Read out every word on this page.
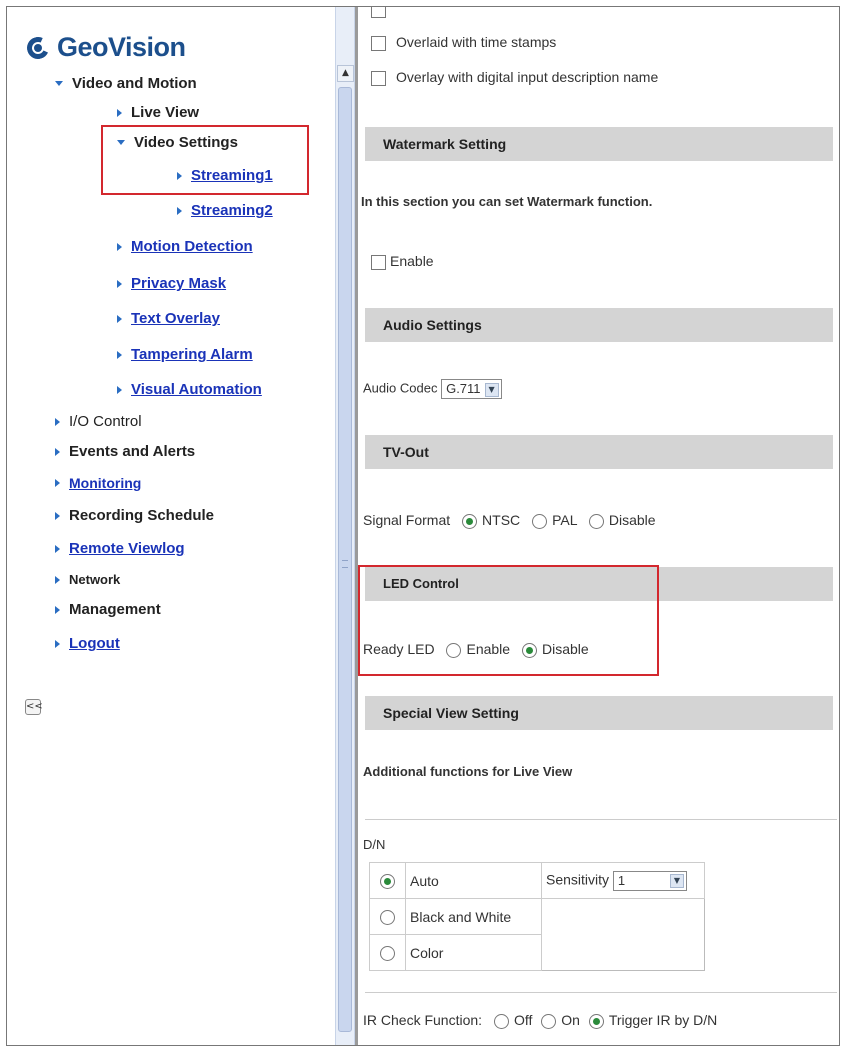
GeoVision
Video and Motion
Live View
Video Settings
Streaming1
Streaming2
Motion Detection
Privacy Mask
Text Overlay
Tampering Alarm
Visual Automation
I/O Control
Events and Alerts
Monitoring
Recording Schedule
Remote Viewlog
Network
Management
Logout
<<
▲
Overlaid with time stamps
Overlay with digital input description name
Watermark Setting
In this section you can set Watermark function.
Enable
Audio Settings
Audio Codec G.711 ▼
TV-Out
Signal Format NTSC PAL Disable
LED Control
Ready LED Enable Disable
Special View Setting
Additional functions for Live View
D/N
	Auto	Sensitivity 1 ▼

	Black and White	
	Color	
IR Check Function: Off On Trigger IR by D/N
